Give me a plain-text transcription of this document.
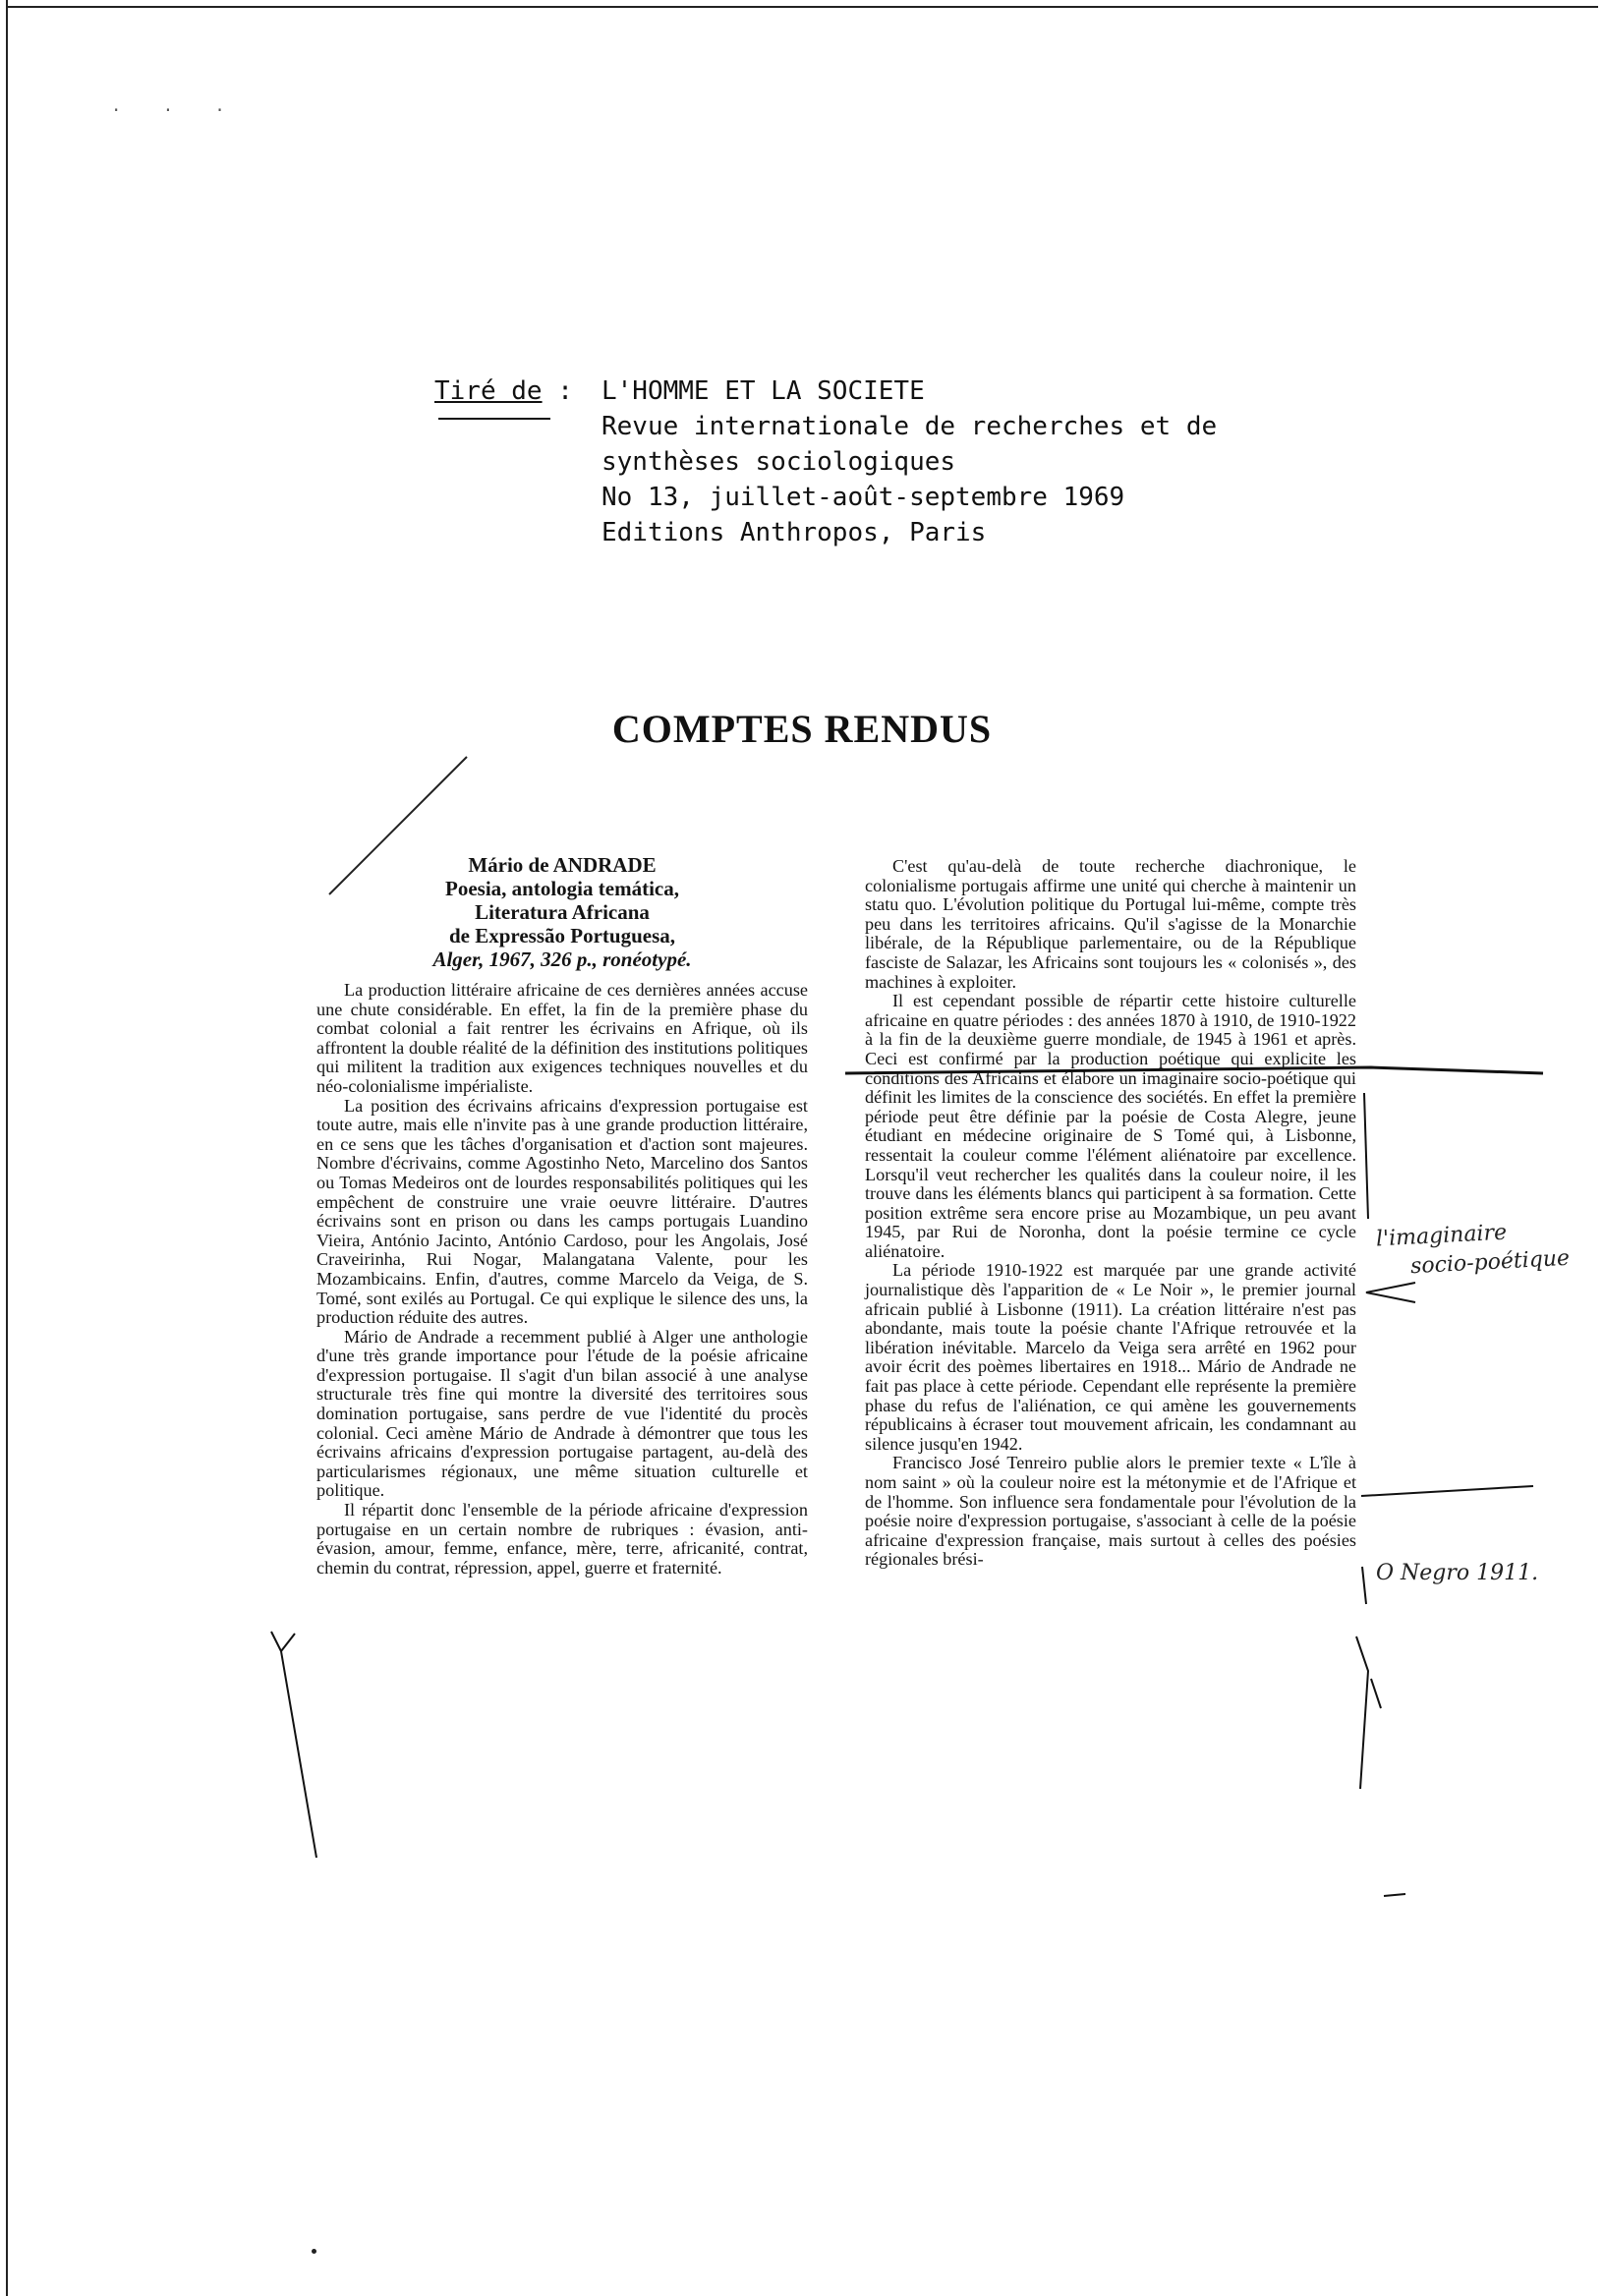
· · ·
Tiré de :	L'HOMME ET LA SOCIETE
Revue internationale de recherches et de
synthèses sociologiques
No 13, juillet-août-septembre 1969
Editions Anthropos, Paris
COMPTES RENDUS
Mário de ANDRADE
Poesia, antologia temática,
Literatura Africana
de Expressão Portuguesa,
Alger, 1967, 326 p., ronéotypé.

La production littéraire africaine de ces dernières années accuse une chute considérable. En effet, la fin de la première phase du combat colonial a fait rentrer les écrivains en Afrique, où ils affrontent la double réalité de la définition des institutions politiques qui militent la tradition aux exigences techniques nouvelles et du néo-colonialisme impérialiste.

La position des écrivains africains d'expression portugaise est toute autre, mais elle n'invite pas à une grande production littéraire, en ce sens que les tâches d'organisation et d'action sont majeures. Nombre d'écrivains, comme Agostinho Neto, Marcelino dos Santos ou Tomas Medeiros ont de lourdes responsabilités politiques qui les empêchent de construire une vraie oeuvre littéraire. D'autres écrivains sont en prison ou dans les camps portugais Luandino Vieira, António Jacinto, António Cardoso, pour les Angolais, José Craveirinha, Rui Nogar, Malangatana Valente, pour les Mozambicains. Enfin, d'autres, comme Marcelo da Veiga, de S. Tomé, sont exilés au Portugal. Ce qui explique le silence des uns, la production réduite des autres.

Mário de Andrade a recemment publié à Alger une anthologie d'une très grande importance pour l'étude de la poésie africaine d'expression portugaise. Il s'agit d'un bilan associé à une analyse structurale très fine qui montre la diversité des territoires sous domination portugaise, sans perdre de vue l'identité du procès colonial. Ceci amène Mário de Andrade à démontrer que tous les écrivains africains d'expression portugaise partagent, au-delà des particularismes régionaux, une même situation culturelle et politique.

Il répartit donc l'ensemble de la période africaine d'expression portugaise en un certain nombre de rubriques : évasion, anti-évasion, amour, femme, enfance, mère, terre, africanité, contrat, chemin du contrat, répression, appel, guerre et fraternité.

C'est qu'au-delà de toute recherche diachronique, le colonialisme portugais affirme une unité qui cherche à maintenir un statu quo. L'évolution politique du Portugal lui-même, compte très peu dans les territoires africains. Qu'il s'agisse de la Monarchie libérale, de la République parlementaire, ou de la République fasciste de Salazar, les Africains sont toujours les « colonisés », des machines à exploiter.

Il est cependant possible de répartir cette histoire culturelle africaine en quatre périodes : des années 1870 à 1910, de 1910-1922 à la fin de la deuxième guerre mondiale, de 1945 à 1961 et après. Ceci est confirmé par la production poétique qui explicite les conditions des Africains et élabore un imaginaire socio-poétique qui définit les limites de la conscience des sociétés. En effet la première période peut être définie par la poésie de Costa Alegre, jeune étudiant en médecine originaire de S Tomé qui, à Lisbonne, ressentait la couleur comme l'élément aliénatoire par excellence. Lorsqu'il veut rechercher les qualités dans la couleur noire, il les trouve dans les éléments blancs qui participent à sa formation. Cette position extrême sera encore prise au Mozambique, un peu avant 1945, par Rui de Noronha, dont la poésie termine ce cycle aliénatoire.

La période 1910-1922 est marquée par une grande activité journalistique dès l'apparition de « Le Noir », le premier journal africain publié à Lisbonne (1911). La création littéraire n'est pas abondante, mais toute la poésie chante l'Afrique retrouvée et la libération inévitable. Marcelo da Veiga sera arrêté en 1962 pour avoir écrit des poèmes libertaires en 1918... Mário de Andrade ne fait pas place à cette période. Cependant elle représente la première phase du refus de l'aliénation, ce qui amène les gouvernements républicains à écraser tout mouvement africain, les condamnant au silence jusqu'en 1942.

Francisco José Tenreiro publie alors le premier texte « L'île à nom saint » où la couleur noire est la métonymie et de l'Afrique et de l'homme. Son influence sera fondamentale pour l'évolution de la poésie noire d'expression portugaise, s'associant à celle de la poésie africaine d'expression française, mais surtout à celles des poésies régionales brési-

l'imaginaire
socio-poétique
O Negro 1911.
